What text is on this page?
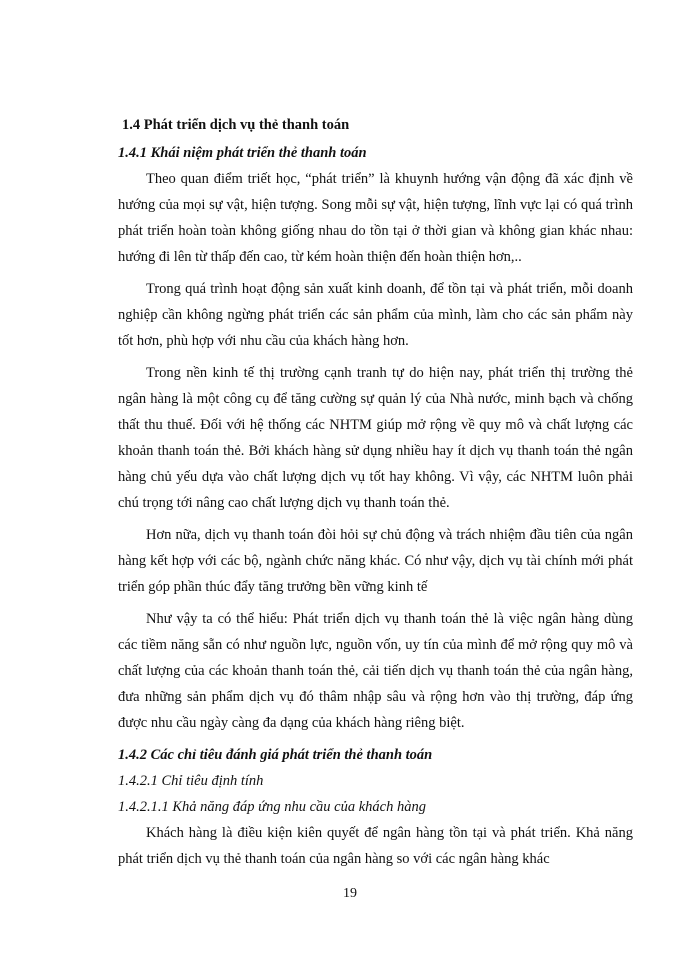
1.4 Phát triển dịch vụ thẻ thanh toán
1.4.1 Khái niệm phát triển thẻ thanh toán

Theo quan điểm triết học, “phát triển” là khuynh hướng vận động đã xác định về hướng của mọi sự vật, hiện tượng. Song mỗi sự vật, hiện tượng, lĩnh vực lại có quá trình phát triển hoàn toàn không giống nhau do tồn tại ở thời gian và không gian khác nhau: hướng đi lên từ thấp đến cao, từ kém hoàn thiện đến hoàn thiện hơn,..

Trong quá trình hoạt động sản xuất kinh doanh, để tồn tại và phát triển, mỗi doanh nghiệp cần không ngừng phát triển các sản phẩm của mình, làm cho các sản phẩm này tốt hơn, phù hợp với nhu cầu của khách hàng hơn.

Trong nền kinh tế thị trường cạnh tranh tự do hiện nay, phát triển thị trường thẻ ngân hàng là một công cụ để tăng cường sự quản lý của Nhà nước, minh bạch và chống thất thu thuế. Đối với hệ thống các NHTM giúp mở rộng về quy mô và chất lượng các khoản thanh toán thẻ. Bởi khách hàng sử dụng nhiều hay ít dịch vụ thanh toán thẻ ngân hàng chủ yếu dựa vào chất lượng dịch vụ tốt hay không. Vì vậy, các NHTM luôn phải chú trọng tới nâng cao chất lượng dịch vụ thanh toán thẻ.

Hơn nữa, dịch vụ thanh toán đòi hỏi sự chủ động và trách nhiệm đầu tiên của ngân hàng kết hợp với các bộ, ngành chức năng khác. Có như vậy, dịch vụ tài chính mới phát triển góp phần thúc đẩy tăng trưởng bền vững kinh tế

Như vậy ta có thể hiểu: Phát triển dịch vụ thanh toán thẻ là việc ngân hàng dùng các tiềm năng sẵn có như nguồn lực, nguồn vốn, uy tín của mình để mở rộng quy mô và chất lượng của các khoản thanh toán thẻ, cải tiến dịch vụ thanh toán thẻ của ngân hàng, đưa những sản phẩm dịch vụ đó thâm nhập sâu và rộng hơn vào thị trường, đáp ứng được nhu cầu ngày càng đa dạng của khách hàng riêng biệt.

1.4.2 Các chỉ tiêu đánh giá phát triển thẻ thanh toán
1.4.2.1 Chỉ tiêu định tính
1.4.2.1.1 Khả năng đáp ứng nhu cầu của khách hàng

Khách hàng là điều kiện kiên quyết để ngân hàng tồn tại và phát triển. Khả năng phát triển dịch vụ thẻ thanh toán của ngân hàng so với các ngân hàng khác

19
